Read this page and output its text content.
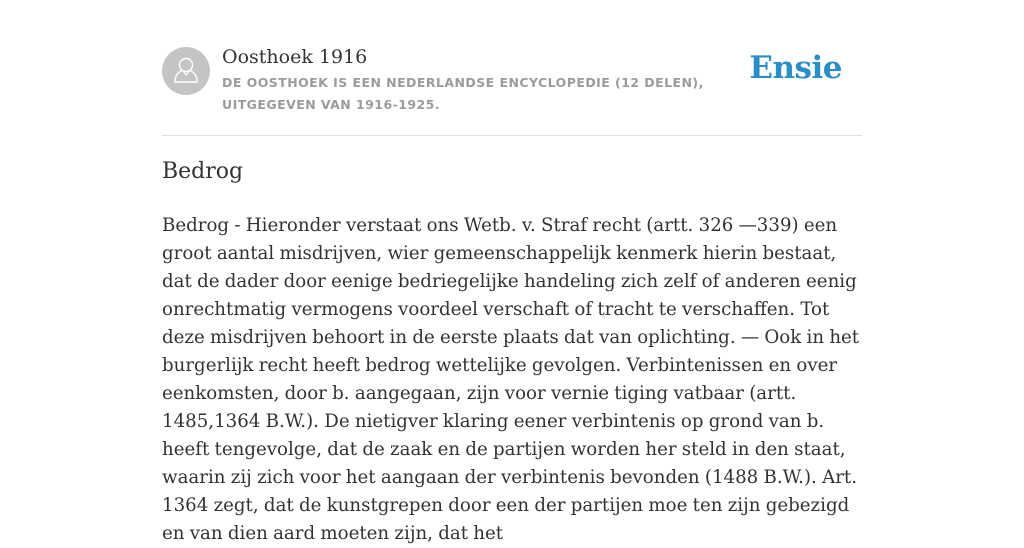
Oosthoek 1916
DE OOSTHOEK IS EEN NEDERLANDSE ENCYCLOPEDIE (12 DELEN), UITGEGEVEN VAN 1916-1925.
Ensie
Bedrog

Bedrog - Hieronder verstaat ons Wetb. v. Straf recht (artt. 326 —339) een groot aantal misdrijven, wier gemeenschappelijk kenmerk hierin bestaat, dat de dader door eenige bedriegelijke handeling zich zelf of anderen eenig onrechtmatig vermogens voordeel verschaft of tracht te verschaffen. Tot deze misdrijven behoort in de eerste plaats dat van oplichting. — Ook in het burgerlijk recht heeft bedrog wettelijke gevolgen. Verbintenissen en over eenkomsten, door b. aangegaan, zijn voor vernie tiging vatbaar (artt. 1485,1364 B.W.). De nietigver klaring eener verbintenis op grond van b. heeft tengevolge, dat de zaak en de partijen worden her steld in den staat, waarin zij zich voor het aangaan der verbintenis bevonden (1488 B.W.). Art. 1364 zegt, dat de kunstgrepen door een der partijen moe ten zijn gebezigd en van dien aard moeten zijn, dat het
